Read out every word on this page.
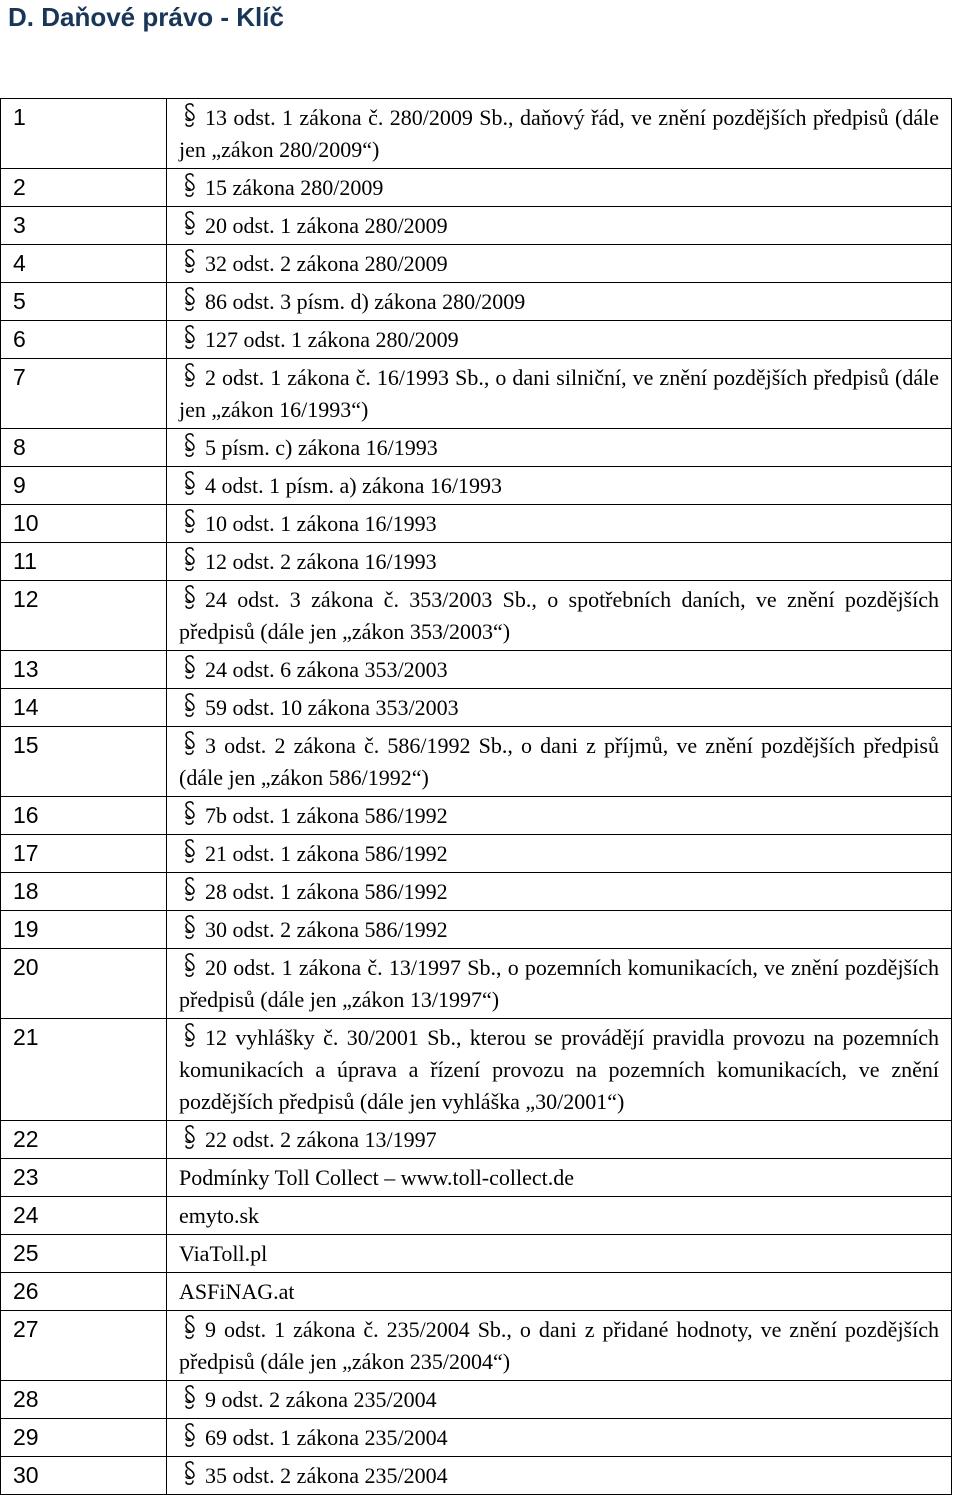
D. Daňové právo - Klíč
1	13 odst. 1 zákona č. 280/2009 Sb., daňový řád, ve znění pozdějších předpisů (dále jen „zákon 280/2009“)
2	15 zákona 280/2009
3	20 odst. 1 zákona 280/2009
4	32 odst. 2 zákona 280/2009
5	86 odst. 3 písm. d) zákona 280/2009
6	127 odst. 1 zákona 280/2009
7	2 odst. 1 zákona č. 16/1993 Sb., o dani silniční, ve znění pozdějších předpisů (dále jen „zákon 16/1993“)
8	5 písm. c) zákona 16/1993
9	4 odst. 1 písm. a) zákona 16/1993
10	10 odst. 1 zákona 16/1993
11	12 odst. 2 zákona 16/1993
12	24 odst. 3 zákona č. 353/2003 Sb., o spotřebních daních, ve znění pozdějších předpisů (dále jen „zákon 353/2003“)
13	24 odst. 6 zákona 353/2003
14	59 odst. 10 zákona 353/2003
15	3 odst. 2 zákona č. 586/1992 Sb., o dani z příjmů, ve znění pozdějších předpisů (dále jen „zákon 586/1992“)
16	7b odst. 1 zákona 586/1992
17	21 odst. 1 zákona 586/1992
18	28 odst. 1 zákona 586/1992
19	30 odst. 2 zákona 586/1992
20	20 odst. 1 zákona č. 13/1997 Sb., o pozemních komunikacích, ve znění pozdějších předpisů (dále jen „zákon 13/1997“)
21	12 vyhlášky č. 30/2001 Sb., kterou se provádějí pravidla provozu na pozemních komunikacích a úprava a řízení provozu na pozemních komunikacích, ve znění pozdějších předpisů (dále jen vyhláška „30/2001“)
22	22 odst. 2 zákona 13/1997
23	Podmínky Toll Collect – www.toll-collect.de
24	emyto.sk
25	ViaToll.pl
26	ASFiNAG.at
27	9 odst. 1 zákona č. 235/2004 Sb., o dani z přidané hodnoty, ve znění pozdějších předpisů (dále jen „zákon 235/2004“)
28	9 odst. 2 zákona 235/2004
29	69 odst. 1 zákona 235/2004
30	35 odst. 2 zákona 235/2004
